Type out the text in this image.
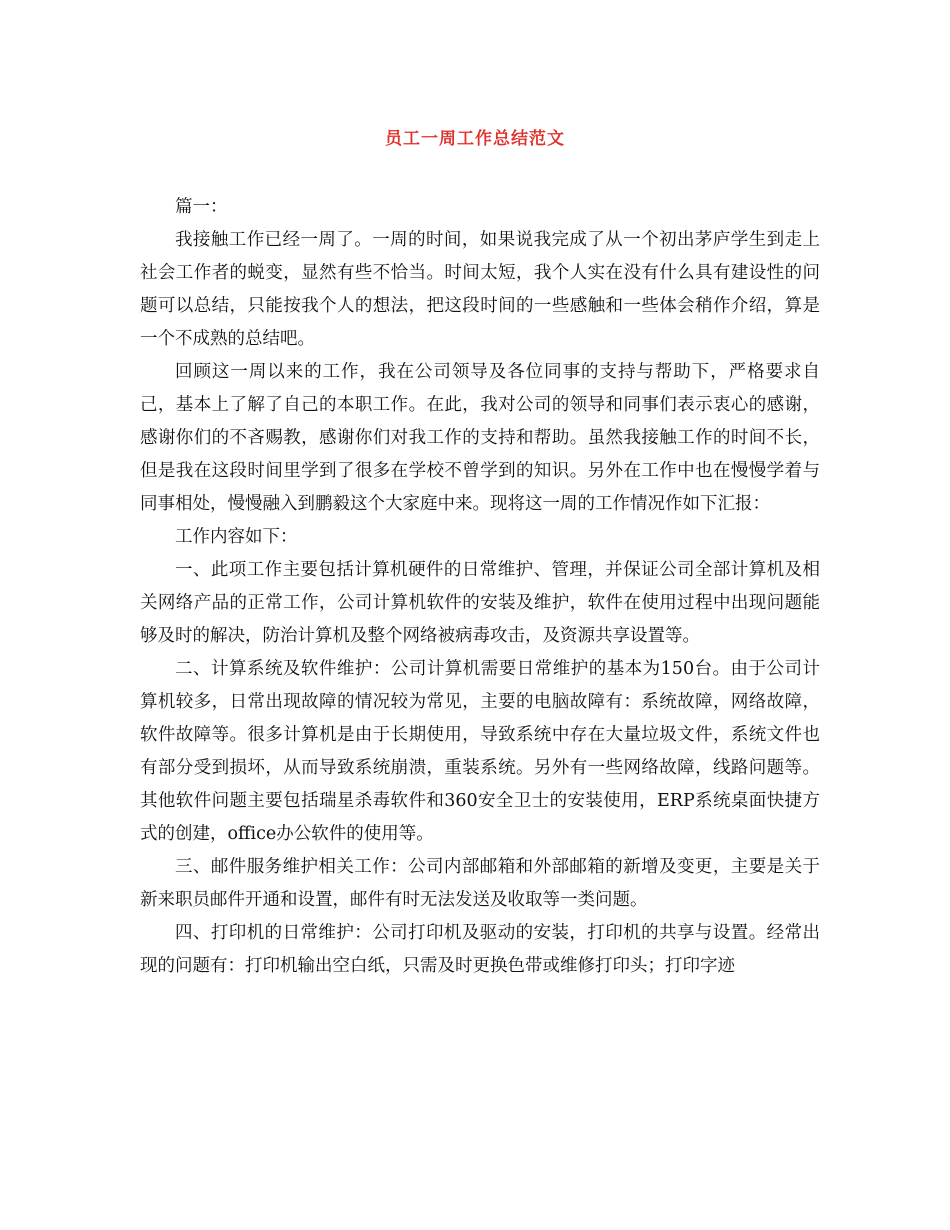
员工一周工作总结范文

篇一：

我接触工作已经一周了。一周的时间，如果说我完成了从一个初出茅庐学生到走上社会工作者的蜕变，显然有些不恰当。时间太短，我个人实在没有什么具有建设性的问题可以总结，只能按我个人的想法，把这段时间的一些感触和一些体会稍作介绍，算是一个不成熟的总结吧。

回顾这一周以来的工作，我在公司领导及各位同事的支持与帮助下，严格要求自己，基本上了解了自己的本职工作。在此，我对公司的领导和同事们表示衷心的感谢，感谢你们的不吝赐教，感谢你们对我工作的支持和帮助。虽然我接触工作的时间不长，但是我在这段时间里学到了很多在学校不曾学到的知识。另外在工作中也在慢慢学着与同事相处，慢慢融入到鹏毅这个大家庭中来。现将这一周的工作情况作如下汇报：

工作内容如下：

一、此项工作主要包括计算机硬件的日常维护、管理，并保证公司全部计算机及相关网络产品的正常工作，公司计算机软件的安装及维护，软件在使用过程中出现问题能够及时的解决，防治计算机及整个网络被病毒攻击，及资源共享设置等。

二、计算系统及软件维护：公司计算机需要日常维护的基本为150台。由于公司计算机较多，日常出现故障的情况较为常见，主要的电脑故障有：系统故障，网络故障，软件故障等。很多计算机是由于长期使用，导致系统中存在大量垃圾文件，系统文件也有部分受到损坏，从而导致系统崩溃，重装系统。另外有一些网络故障，线路问题等。其他软件问题主要包括瑞星杀毒软件和360安全卫士的安装使用，ERP系统桌面快捷方式的创建，office办公软件的使用等。

三、邮件服务维护相关工作：公司内部邮箱和外部邮箱的新增及变更，主要是关于新来职员邮件开通和设置，邮件有时无法发送及收取等一类问题。

四、打印机的日常维护：公司打印机及驱动的安装，打印机的共享与设置。经常出现的问题有：打印机输出空白纸，只需及时更换色带或维修打印头；打印字迹
